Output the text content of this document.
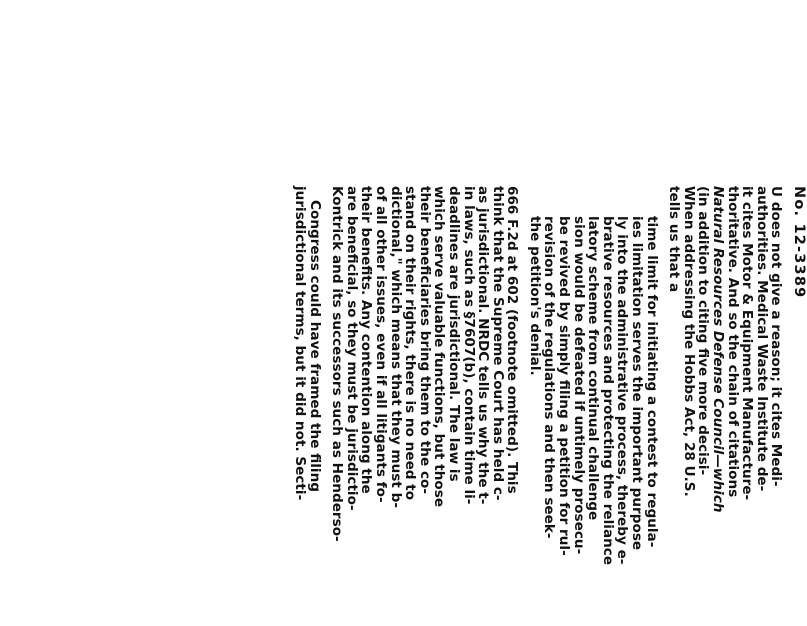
No. 12-3389
U does not give a reason; it cites Medi-
authorities. Medical Waste Institute de-
it cites Motor & Equipment Manufacture-
thoritative. And so the chain of citations
Natural Resources Defense Council—which
(in addition to citing five more decisi-
When addressing the Hobbs Act, 28 U.S.
tells us that a
time limit for initiating a contest to regula-
ies limitation serves the important purpose
ly into the administrative process, thereby e-
brative resources and protecting the reliance
latory scheme from continual challenge
sion would be defeated if untimely prosecu-
be revived by simply filing a petition for rul-
revision of the regulations and then seek-
the petition's denial.
666 F.2d at 602 (footnote omitted). This
think that the Supreme Court has held c-
as jurisdictional. NRDC tells us why the t-
in laws, such as §7607(b), contain time li-
deadlines are jurisdictional. The law is
which serve valuable functions, but those
their beneficiaries bring them to the co-
stand on their rights, there is no need to
dictional," which means that they must b-
of all other issues, even if all litigants fo-
their benefits. Any contention along the
are beneficial, so they must be jurisdictio-
Kontrick and its successors such as Henderso-
Congress could have framed the filing
jurisdictional terms, but it did not. Secti-
